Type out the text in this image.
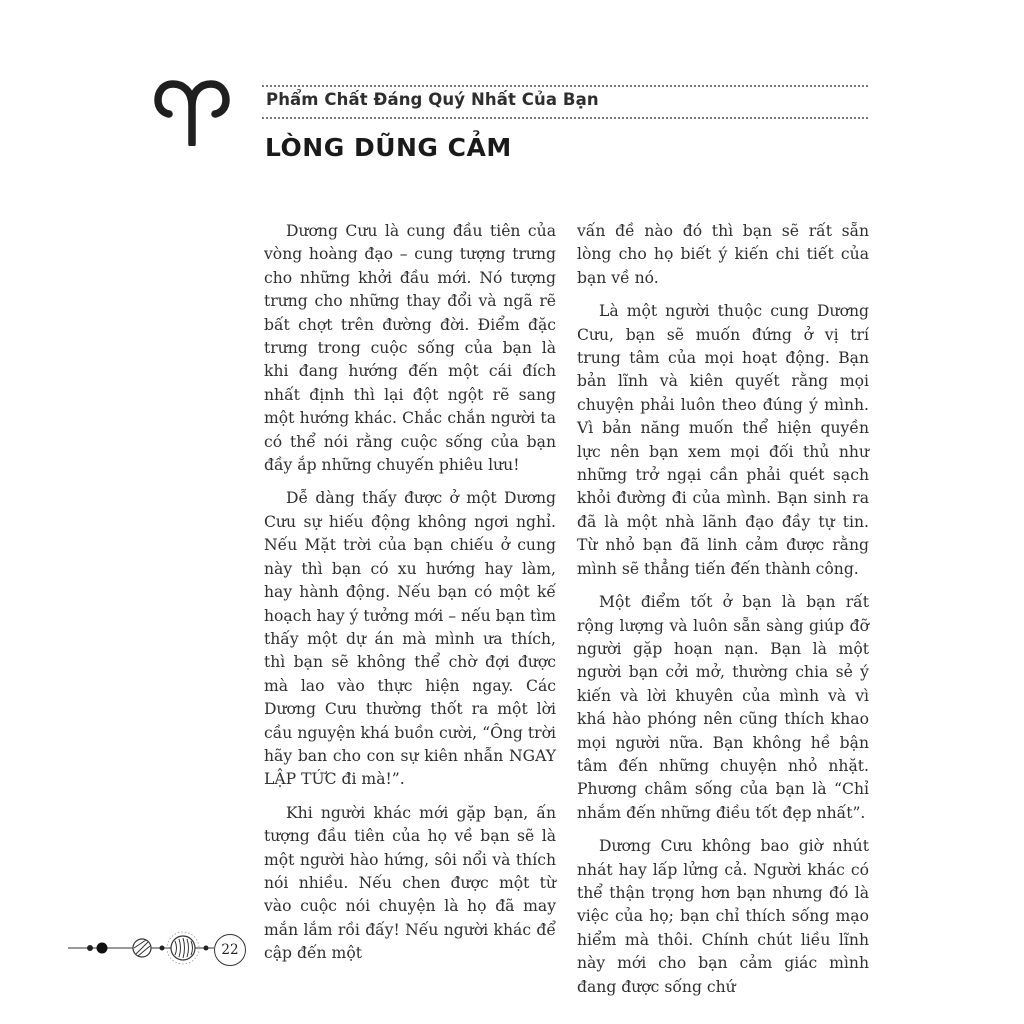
Phẩm Chất Đáng Quý Nhất Của Bạn
LÒNG DŨNG CẢM

Dương Cưu là cung đầu tiên của vòng hoàng đạo – cung tượng trưng cho những khởi đầu mới. Nó tượng trưng cho những thay đổi và ngã rẽ bất chợt trên đường đời. Điểm đặc trưng trong cuộc sống của bạn là khi đang hướng đến một cái đích nhất định thì lại đột ngột rẽ sang một hướng khác. Chắc chắn người ta có thể nói rằng cuộc sống của bạn đầy ắp những chuyến phiêu lưu!

Dễ dàng thấy được ở một Dương Cưu sự hiếu động không ngơi nghỉ. Nếu Mặt trời của bạn chiếu ở cung này thì bạn có xu hướng hay làm, hay hành động. Nếu bạn có một kế hoạch hay ý tưởng mới – nếu bạn tìm thấy một dự án mà mình ưa thích, thì bạn sẽ không thể chờ đợi được mà lao vào thực hiện ngay. Các Dương Cưu thường thốt ra một lời cầu nguyện khá buồn cười, “Ông trời hãy ban cho con sự kiên nhẫn NGAY LẬP TỨC đi mà!”.

Khi người khác mới gặp bạn, ấn tượng đầu tiên của họ về bạn sẽ là một người hào hứng, sôi nổi và thích nói nhiều. Nếu chen được một từ vào cuộc nói chuyện là họ đã may mắn lắm rồi đấy! Nếu người khác để cập đến một

vấn đề nào đó thì bạn sẽ rất sẵn lòng cho họ biết ý kiến chi tiết của bạn về nó.

Là một người thuộc cung Dương Cưu, bạn sẽ muốn đứng ở vị trí trung tâm của mọi hoạt động. Bạn bản lĩnh và kiên quyết rằng mọi chuyện phải luôn theo đúng ý mình. Vì bản năng muốn thể hiện quyền lực nên bạn xem mọi đối thủ như những trở ngại cần phải quét sạch khỏi đường đi của mình. Bạn sinh ra đã là một nhà lãnh đạo đầy tự tin. Từ nhỏ bạn đã linh cảm được rằng mình sẽ thẳng tiến đến thành công.

Một điểm tốt ở bạn là bạn rất rộng lượng và luôn sẵn sàng giúp đỡ người gặp hoạn nạn. Bạn là một người bạn cởi mở, thường chia sẻ ý kiến và lời khuyên của mình và vì khá hào phóng nên cũng thích khao mọi người nữa. Bạn không hề bận tâm đến những chuyện nhỏ nhặt. Phương châm sống của bạn là “Chỉ nhắm đến những điều tốt đẹp nhất”.

Dương Cưu không bao giờ nhút nhát hay lấp lửng cả. Người khác có thể thận trọng hơn bạn nhưng đó là việc của họ; bạn chỉ thích sống mạo hiểm mà thôi. Chính chút liều lĩnh này mới cho bạn cảm giác mình đang được sống chứ

22
